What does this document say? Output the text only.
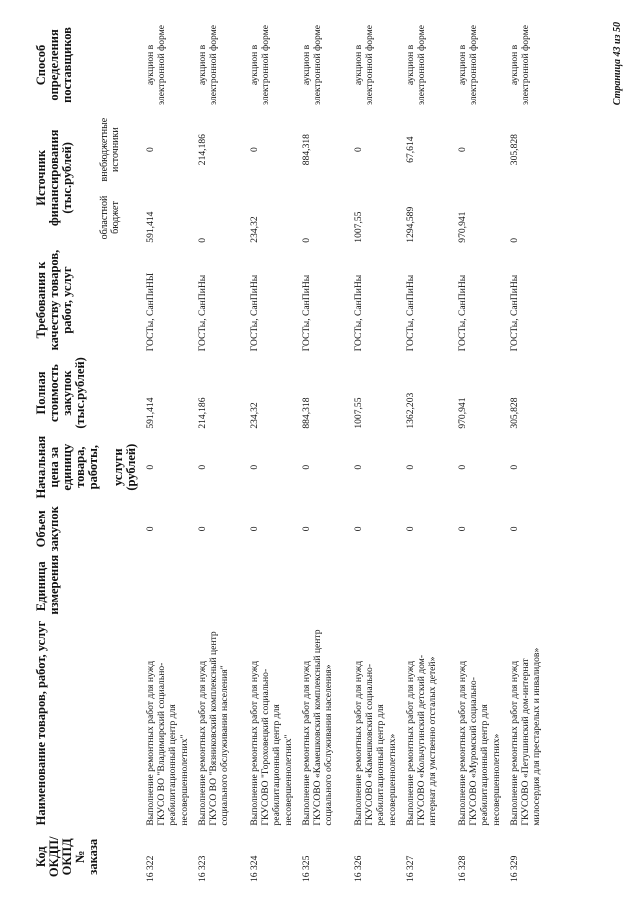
Код ОКДП/ ОКПД № заказа	Наименование товаров, работ, услуг	Единица измерения	Объем закупок	Начальная цена за единицу товара, работы, услуги (рублей)	Полная стоимость закупок (тыс.рублей)	Требования к качеству товаров, работ, услуг	Источник финансирования (тыс.рублей)		Способ определения поставщиков
							областной бюджет	внебюджетные источники	
16 322	Выполнение ремонтных работ для нужд ГКУСО ВО "Владимирский социально-реабилитационный центр для несовершеннолетних"		0	0	591,414	ГОСТы, СанПиНЫ	591,414	0	аукцион в электронной форме
16 323	Выполнение ремонтных работ для нужд ГКУСО ВО "Вязниковский комплексный центр социального обслуживания населения"		0	0	214,186	ГОСТы, СанПиНы	0	214,186	аукцион в электронной форме
16 324	Выполнение ремонтных работ для нужд ГКУСОВО "Гороховецкий социально-реабилитационный центр для несовершеннолетних"		0	0	234,32	ГОСТы, СанПиНы	234,32	0	аукцион в электронной форме
16 325	Выполнение ремонтных работ для нужд ГКУСОВО «Камешковский комплексный центр социального обслуживания населения»		0	0	884,318	ГОСТы, СанПиНы	0	884,318	аукцион в электронной форме
16 326	Выполнение ремонтных работ для нужд ГКУСОВО «Камешковский социально-реабилитационный центр для несовершеннолетних»		0	0	1007,55	ГОСТы, СанПиНы	1007,55	0	аукцион в электронной форме
16 327	Выполнение ремонтных работ для нужд ГКУСОВО «Кольчугинский детский дом-интернат для умственно отсталых детей»		0	0	1362,203	ГОСТы, СанПиНы	1294,589	67,614	аукцион в электронной форме
16 328	Выполнение ремонтных работ для нужд ГКУСОВО «Муромский социально-реабилитационный центр для несовершеннолетних»		0	0	970,941	ГОСТы, СанПиНы	970,941	0	аукцион в электронной форме
16 329	Выполнение ремонтных работ для нужд ГКУСОВО «Петушинский дом-интернат милосердия для престарелых и инвалидов»		0	0	305,828	ГОСТы, СанПиНы	0	305,828	аукцион в электронной форме	Страница 43 из 50
